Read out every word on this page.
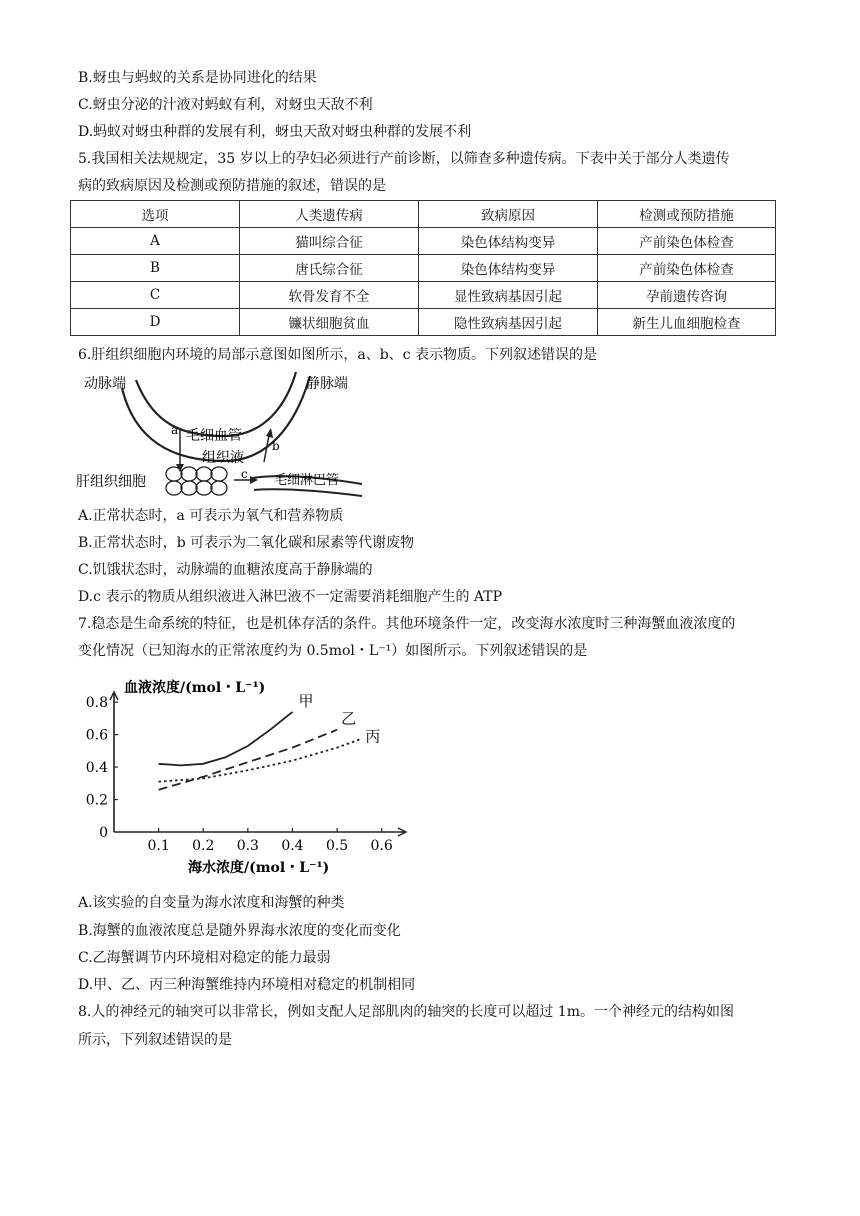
B.蚜虫与蚂蚁的关系是协同进化的结果
C.蚜虫分泌的汁液对蚂蚁有利，对蚜虫天敌不利
D.蚂蚁对蚜虫种群的发展有利，蚜虫天敌对蚜虫种群的发展不利
5.我国相关法规规定，35 岁以上的孕妇必须进行产前诊断，以筛查多种遗传病。下表中关于部分人类遗传
病的致病原因及检测或预防措施的叙述，错误的是
选项	人类遗传病	致病原因	检测或预防措施
A	猫叫综合征	染色体结构变异	产前染色体检查
B	唐氏综合征	染色体结构变异	产前染色体检查
C	软骨发育不全	显性致病基因引起	孕前遗传咨询
D	镰状细胞贫血	隐性致病基因引起	新生儿血细胞检查
6.肝组织细胞内环境的局部示意图如图所示，a、b、c 表示物质。下列叙述错误的是
动脉端	静脉端
毛细血管
组织液
毛细淋巴管
肝组织细胞
a
b
c
A.正常状态时，a 可表示为氧气和营养物质
B.正常状态时，b 可表示为二氧化碳和尿素等代谢废物
C.饥饿状态时，动脉端的血糖浓度高于静脉端的
D.c 表示的物质从组织液进入淋巴液不一定需要消耗细胞产生的 ATP
7.稳态是生命系统的特征，也是机体存活的条件。其他环境条件一定，改变海水浓度时三种海蟹血液浓度的
变化情况（已知海水的正常浓度约为 0.5mol・L⁻¹）如图所示。下列叙述错误的是
血液浓度/(mol・L⁻¹)
海水浓度/(mol・L⁻¹)
0.1 0.2 0.3 0.4 0.5 0.6
0
0.2
0.4
0.6
0.8	甲
乙
丙
A.该实验的自变量为海水浓度和海蟹的种类
B.海蟹的血液浓度总是随外界海水浓度的变化而变化
C.乙海蟹调节内环境相对稳定的能力最弱
D.甲、乙、丙三种海蟹维持内环境相对稳定的机制相同
8.人的神经元的轴突可以非常长，例如支配人足部肌肉的轴突的长度可以超过 1m。一个神经元的结构如图
所示，下列叙述错误的是
